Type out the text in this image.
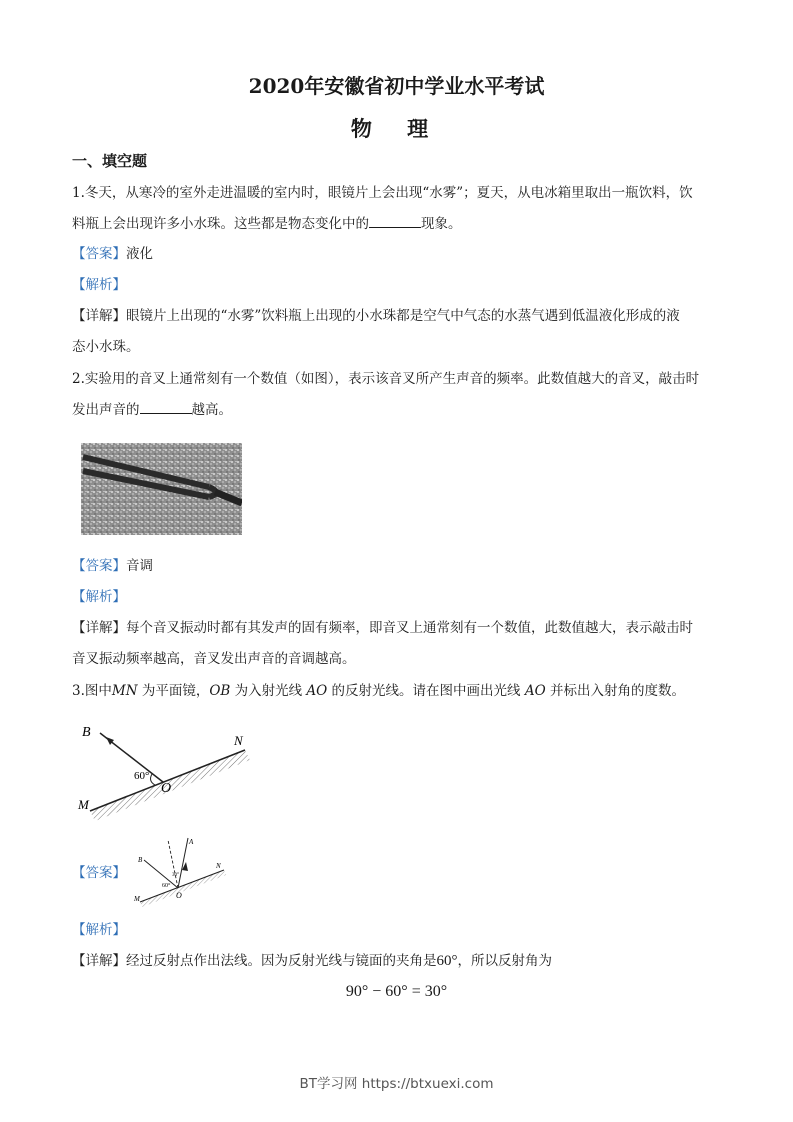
2020年安徽省初中学业水平考试
物 理
一、填空题
1.冬天，从寒冷的室外走进温暖的室内时，眼镜片上会出现“水雾”；夏天，从电冰箱里取出一瓶饮料，饮
料瓶上会出现许多小水珠。这些都是物态变化中的	现象。
【答案】液化
【解析】
【详解】眼镜片上出现的“水雾”饮料瓶上出现的小水珠都是空气中气态的水蒸气遇到低温液化形成的液
态小水珠。
2.实验用的音叉上通常刻有一个数值（如图），表示该音叉所产生声音的频率。此数值越大的音叉，敲击时
发出声音的	越高。
【答案】音调
【解析】
【详解】每个音叉振动时都有其发声的固有频率，即音叉上通常刻有一个数值，此数值越大，表示敲击时
音叉振动频率越高，音叉发出声音的音调越高。
3.图中MN 为平面镜，OB 为入射光线 AO 的反射光线。请在图中画出光线 AO 并标出入射角的度数。
B
N
M
O
60°
【答案】
A
B
N
M	O
60°
30°
【解析】
【详解】经过反射点作出法线。因为反射光线与镜面的夹角是60°，所以反射角为
90° − 60° = 30°
BT学习网 https://btxuexi.com
